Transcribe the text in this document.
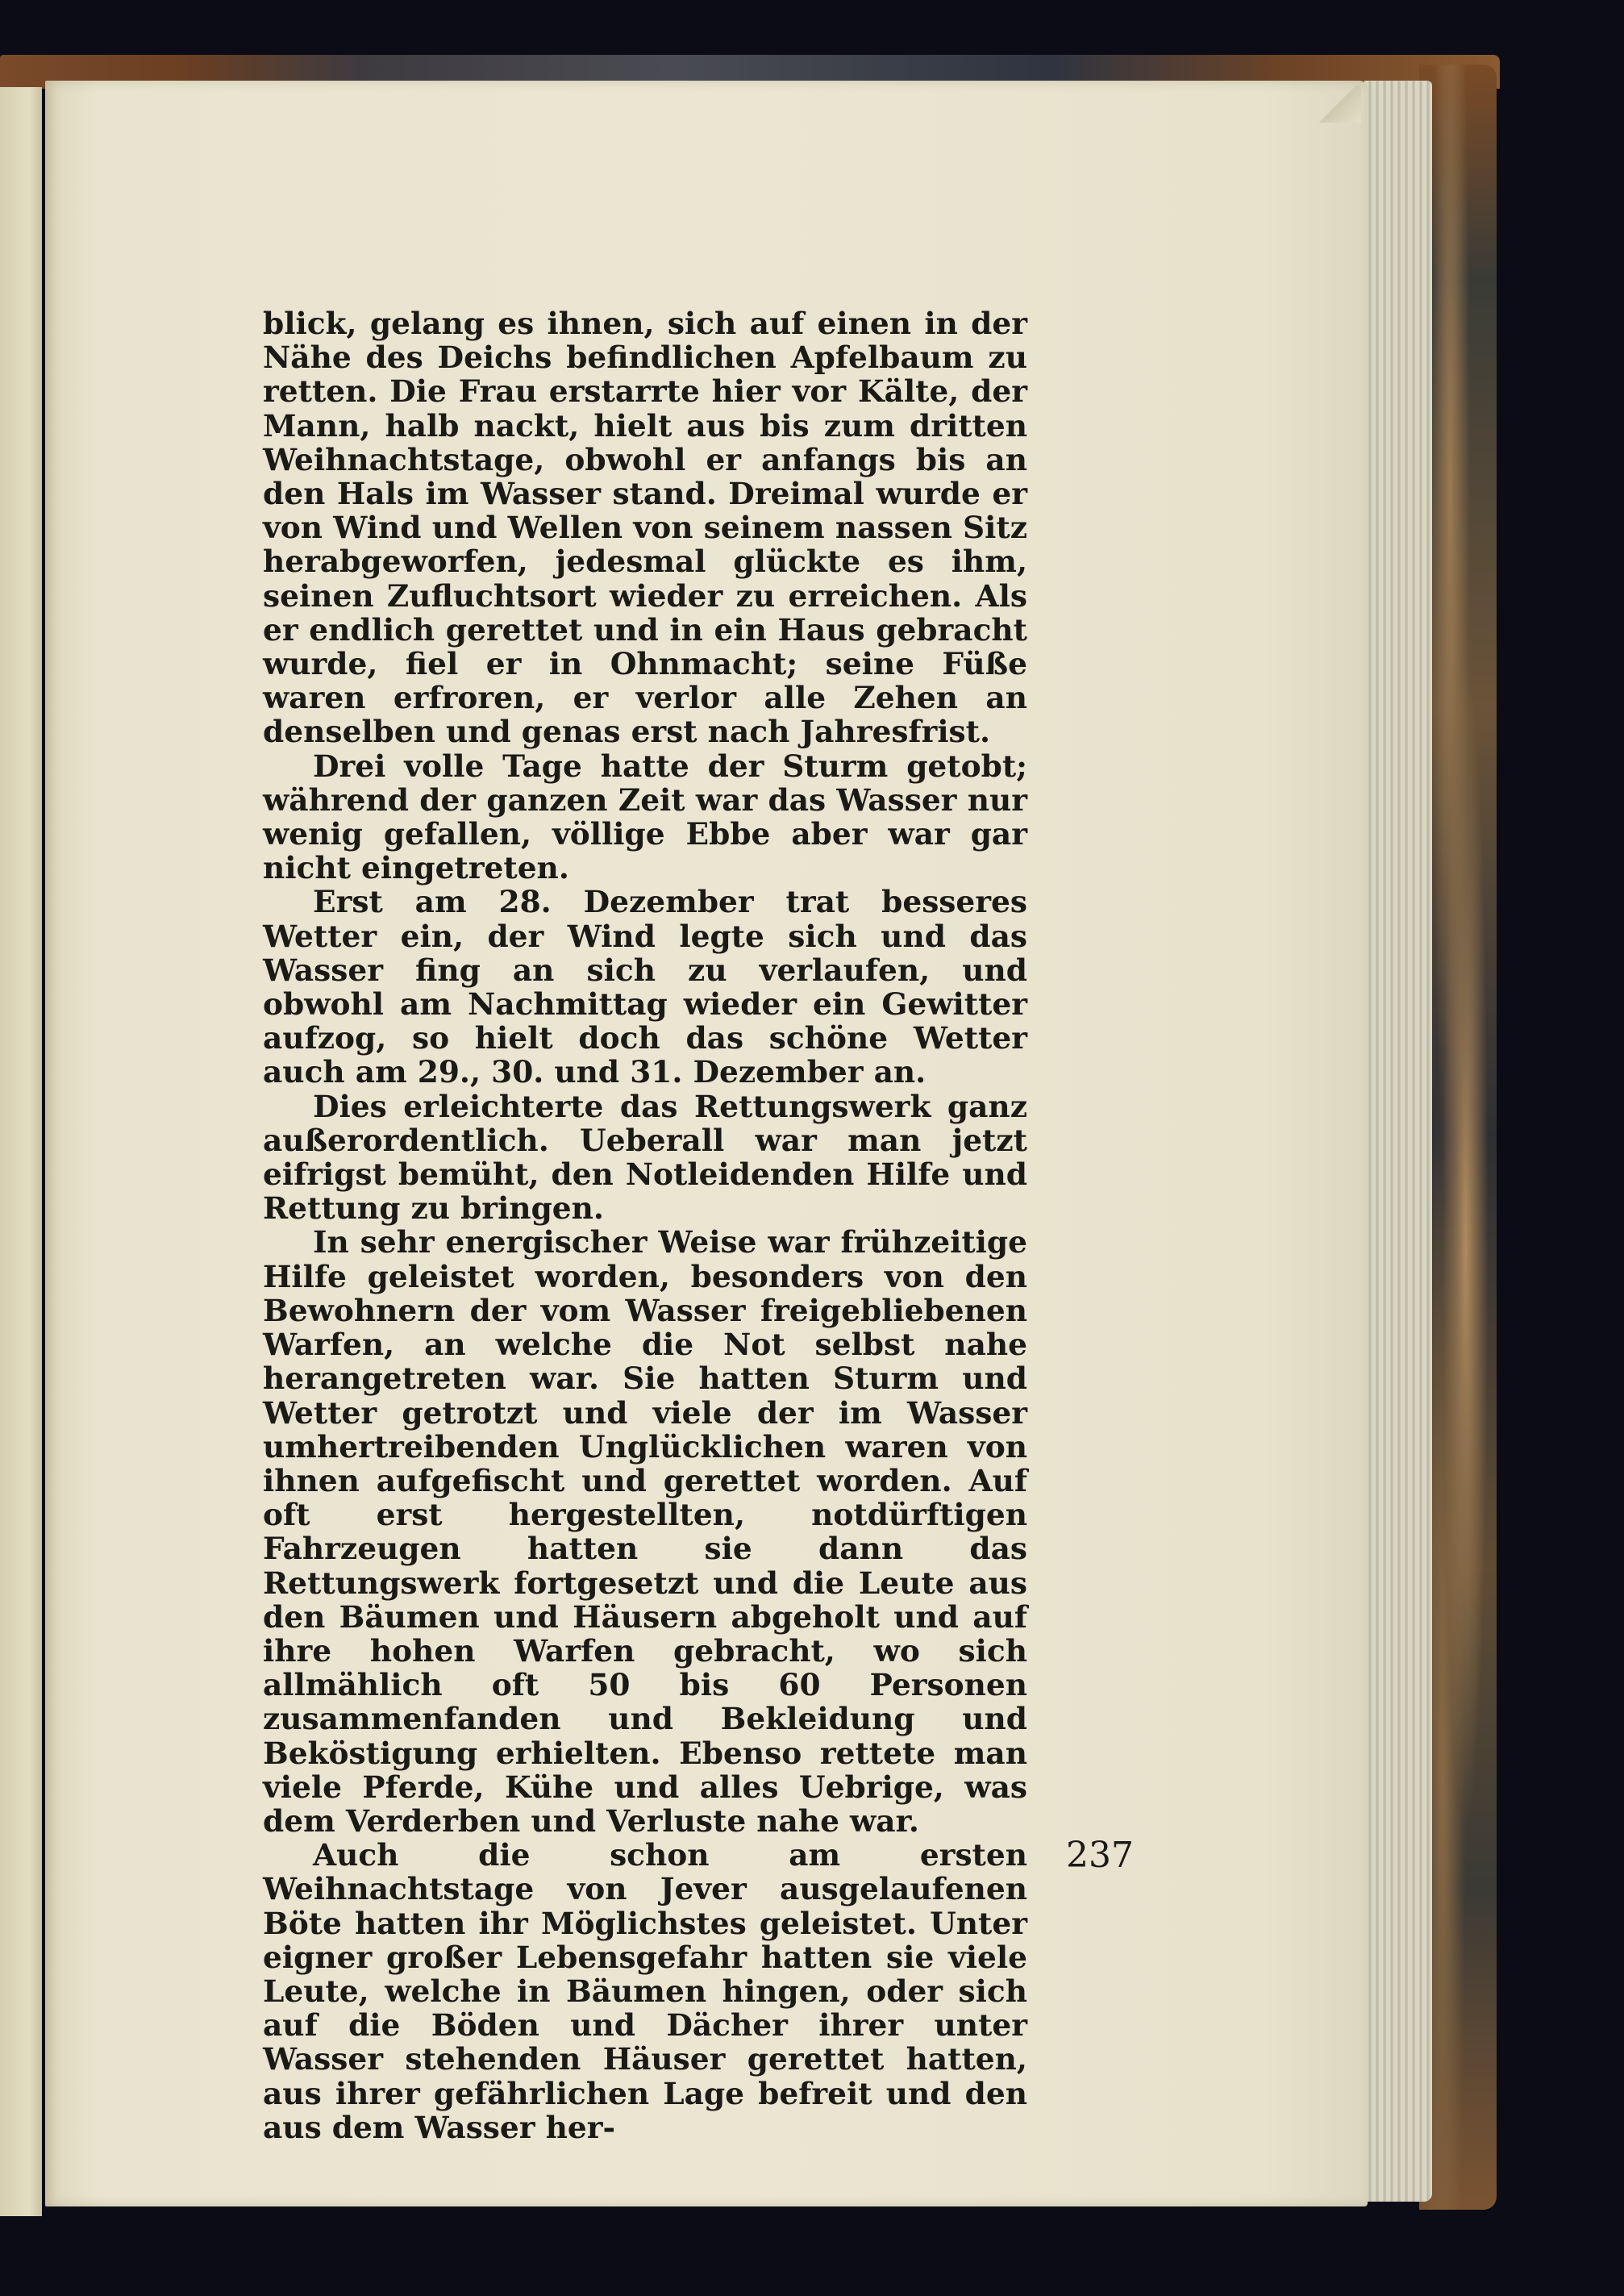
blick, gelang es ihnen, sich auf einen in der Nähe des Deichs befindlichen Apfelbaum zu retten. Die Frau erstarrte hier vor Kälte, der Mann, halb nackt, hielt aus bis zum dritten Weihnachtstage, obwohl er anfangs bis an den Hals im Wasser stand. Dreimal wurde er von Wind und Wellen von seinem nassen Sitz herabgeworfen, jedesmal glückte es ihm, seinen Zufluchtsort wieder zu erreichen. Als er endlich gerettet und in ein Haus gebracht wurde, fiel er in Ohnmacht; seine Füße waren erfroren, er verlor alle Zehen an denselben und genas erst nach Jahresfrist.

Drei volle Tage hatte der Sturm getobt; während der ganzen Zeit war das Wasser nur wenig gefallen, völlige Ebbe aber war gar nicht eingetreten.

Erst am 28. Dezember trat besseres Wetter ein, der Wind legte sich und das Wasser fing an sich zu verlaufen, und obwohl am Nachmittag wieder ein Gewitter aufzog, so hielt doch das schöne Wetter auch am 29., 30. und 31. Dezember an.

Dies erleichterte das Rettungswerk ganz außerordentlich. Ueberall war man jetzt eifrigst bemüht, den Notleidenden Hilfe und Rettung zu bringen.

In sehr energischer Weise war frühzeitige Hilfe geleistet worden, besonders von den Bewohnern der vom Wasser freigebliebenen Warfen, an welche die Not selbst nahe herangetreten war. Sie hatten Sturm und Wetter getrotzt und viele der im Wasser umhertreibenden Unglücklichen waren von ihnen aufgefischt und gerettet worden. Auf oft erst hergestellten, notdürftigen Fahrzeugen hatten sie dann das Rettungswerk fortgesetzt und die Leute aus den Bäumen und Häusern abgeholt und auf ihre hohen Warfen gebracht, wo sich allmählich oft 50 bis 60 Personen zusammenfanden und Bekleidung und Beköstigung erhielten. Ebenso rettete man viele Pferde, Kühe und alles Uebrige, was dem Verderben und Verluste nahe war.

Auch die schon am ersten Weihnachtstage von Jever ausgelaufenen Böte hatten ihr Möglichstes geleistet. Unter eigner großer Lebensgefahr hatten sie viele Leute, welche in Bäumen hingen, oder sich auf die Böden und Dächer ihrer unter Wasser stehenden Häuser gerettet hatten, aus ihrer gefährlichen Lage befreit und den aus dem Wasser her-

237
